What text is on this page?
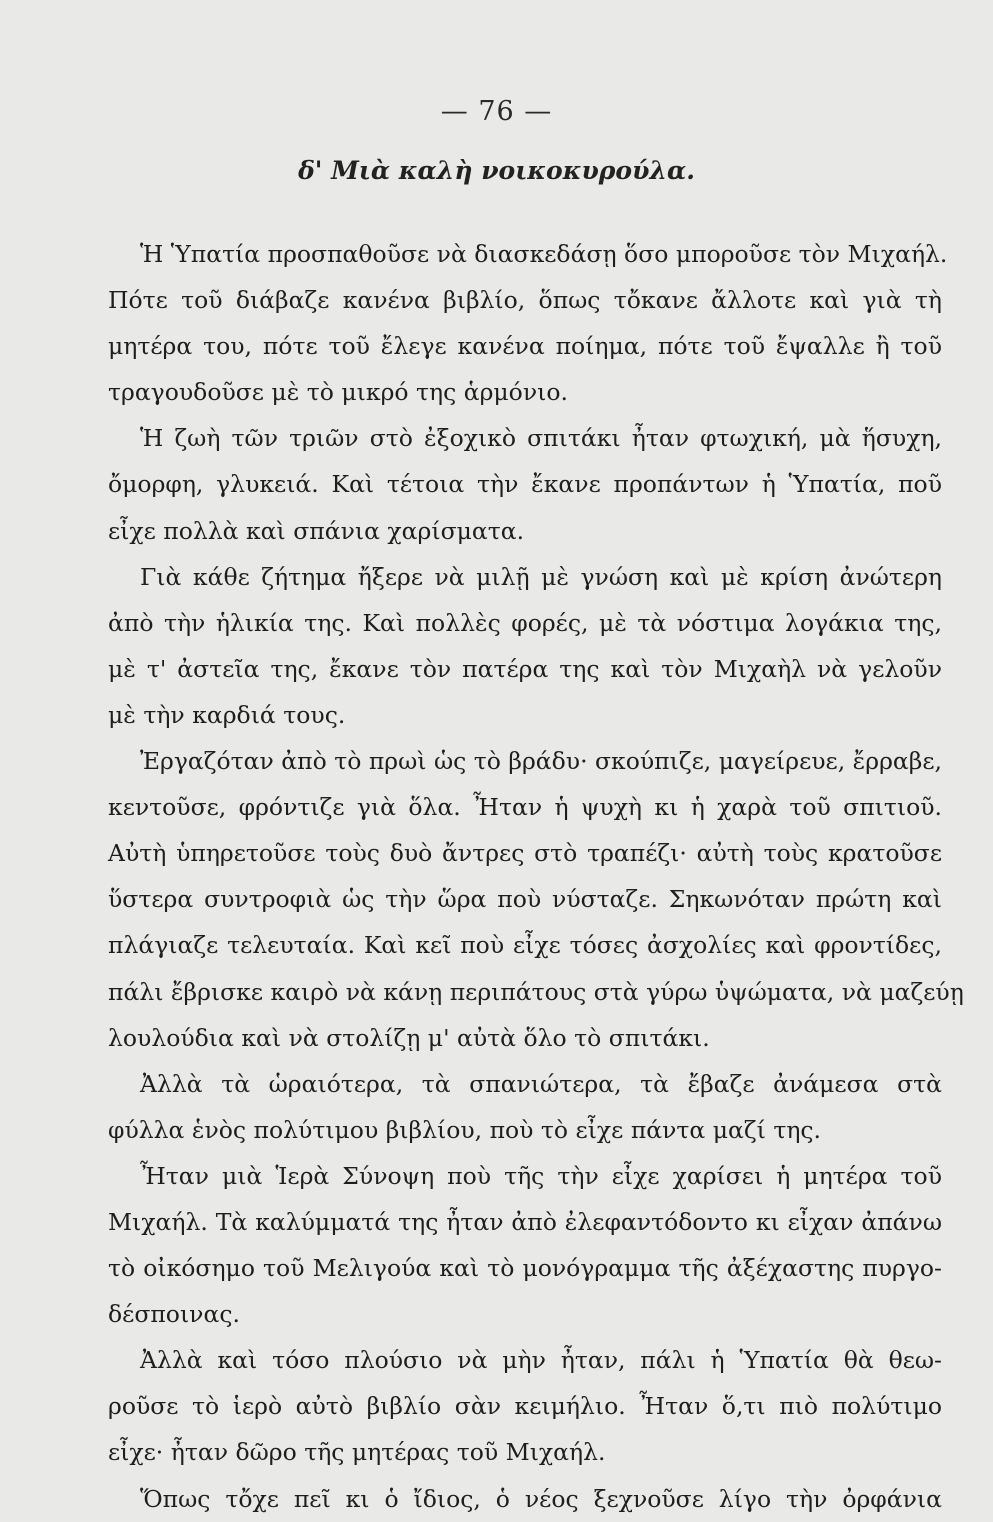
— 76 —
δ' Μιὰ καλὴ νοικοκυρούλα.
Ἡ Ὑπατία προσπαθοῦσε νὰ διασκεδάσῃ ὅσο μποροῦσε τὸν Μιχαήλ.
Πότε τοῦ διάβαζε κανένα βιβλίο, ὅπως τὄκανε ἄλλοτε καὶ γιὰ τὴ
μητέρα του, πότε τοῦ ἔλεγε κανένα ποίημα, πότε τοῦ ἔψαλλε ἢ τοῦ
τραγουδοῦσε μὲ τὸ μικρό της ἁρμόνιο.
Ἡ ζωὴ τῶν τριῶν στὸ ἐξοχικὸ σπιτάκι ἦταν φτωχική, μὰ ἥσυχη,
ὄμορφη, γλυκειά. Καὶ τέτοια τὴν ἔκανε προπάντων ἡ Ὑπατία, ποῦ
εἶχε πολλὰ καὶ σπάνια χαρίσματα.
Γιὰ κάθε ζήτημα ἤξερε νὰ μιλῇ μὲ γνώση καὶ μὲ κρίση ἀνώτερη
ἀπὸ τὴν ἡλικία της. Καὶ πολλὲς φορές, μὲ τὰ νόστιμα λογάκια της,
μὲ τ' ἀστεῖα της, ἔκανε τὸν πατέρα της καὶ τὸν Μιχαὴλ νὰ γελοῦν
μὲ τὴν καρδιά τους.
Ἐργαζόταν ἀπὸ τὸ πρωὶ ὡς τὸ βράδυ· σκούπιζε, μαγείρευε, ἔρραβε,
κεντοῦσε, φρόντιζε γιὰ ὅλα. Ἦταν ἡ ψυχὴ κι ἡ χαρὰ τοῦ σπιτιοῦ.
Αὐτὴ ὑπηρετοῦσε τοὺς δυὸ ἄντρες στὸ τραπέζι· αὐτὴ τοὺς κρατοῦσε
ὕστερα συντροφιὰ ὡς τὴν ὥρα ποὺ νύσταζε. Σηκωνόταν πρώτη καὶ
πλάγιαζε τελευταία. Καὶ κεῖ ποὺ εἶχε τόσες ἀσχολίες καὶ φροντίδες,
πάλι ἔβρισκε καιρὸ νὰ κάνῃ περιπάτους στὰ γύρω ὑψώματα, νὰ μαζεύῃ
λουλούδια καὶ νὰ στολίζῃ μ' αὐτὰ ὅλο τὸ σπιτάκι.
Ἀλλὰ τὰ ὡραιότερα, τὰ σπανιώτερα, τὰ ἔβαζε ἀνάμεσα στὰ
φύλλα ἑνὸς πολύτιμου βιβλίου, ποὺ τὸ εἶχε πάντα μαζί της.
Ἦταν μιὰ Ἱερὰ Σύνοψη ποὺ τῆς τὴν εἶχε χαρίσει ἡ μητέρα τοῦ
Μιχαήλ. Τὰ καλύμματά της ἦταν ἀπὸ ἐλεφαντόδοντο κι εἶχαν ἀπάνω
τὸ οἰκόσημο τοῦ Μελιγούα καὶ τὸ μονόγραμμα τῆς ἀξέχαστης πυργο-
δέσποινας.
Ἀλλὰ καὶ τόσο πλούσιο νὰ μὴν ἦταν, πάλι ἡ Ὑπατία θὰ θεω-
ροῦσε τὸ ἱερὸ αὐτὸ βιβλίο σὰν κειμήλιο. Ἦταν ὅ,τι πιὸ πολύτιμο
εἶχε· ἦταν δῶρο τῆς μητέρας τοῦ Μιχαήλ.
Ὅπως τὄχε πεῖ κι ὁ ἴδιος, ὁ νέος ξεχνοῦσε λίγο τὴν ὀρφάνια
